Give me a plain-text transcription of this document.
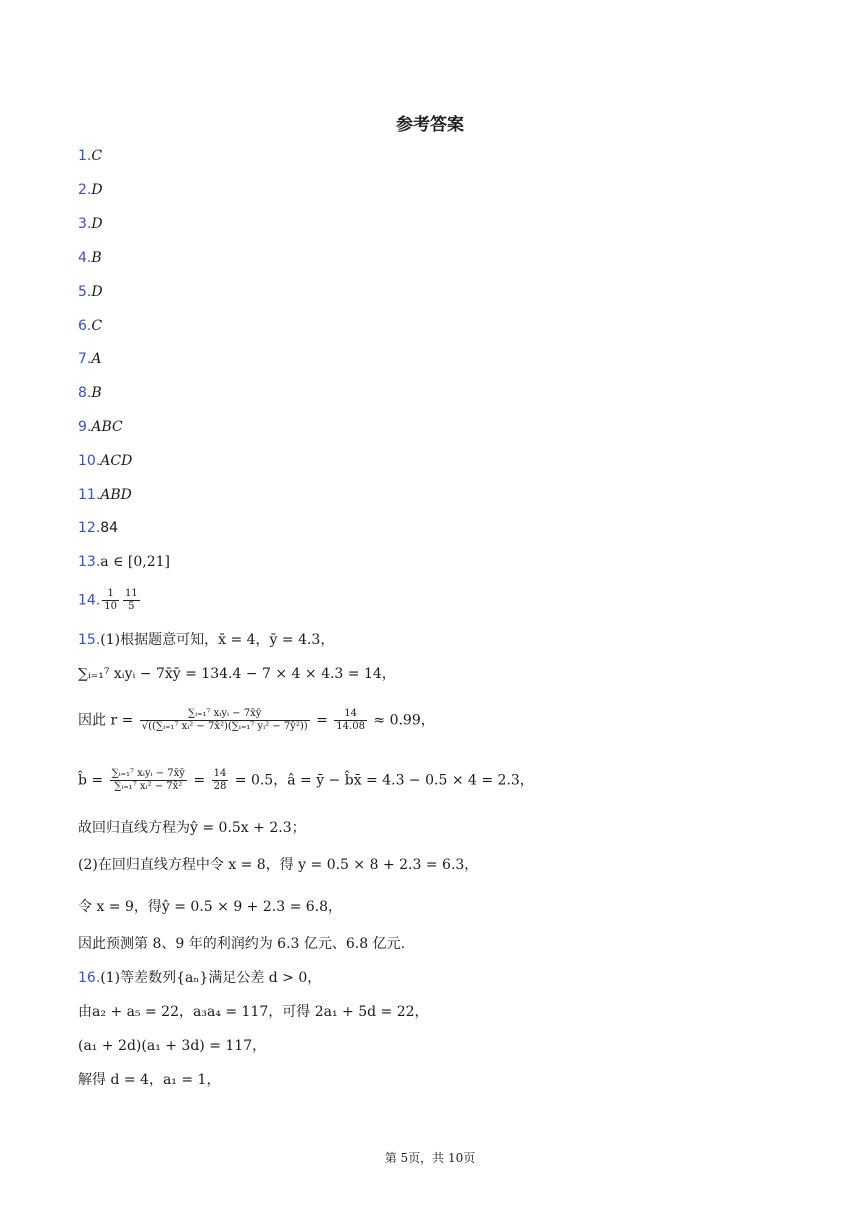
参考答案
1.C
2.D
3.D
4.B
5.D
6.C
7.A
8.B
9.ABC
10.ACD
11.ABD
12.84
13.a ∈ [0,21]
14. $\frac{1}{10} \frac{11}{5}$
15.(1)根据题意可知，x̄ = 4，ȳ = 4.3，
∑ᵢ₌₁⁷ xᵢyᵢ − 7x̄ȳ = 134.4 − 7 × 4 × 4.3 = 14，
因此 $r = \frac{\text{∑ᵢ₌₁⁷ xᵢyᵢ − 7x̄ȳ}}{\text{√((∑ᵢ₌₁⁷ xᵢ² − 7x̄²)(∑ᵢ₌₁⁷ yᵢ² − 7ȳ²))}} = \frac{14}{14.08} \approx 0.99$，
b̂ = $\frac{\text{∑ᵢ₌₁⁷ xᵢyᵢ − 7x̄ȳ}}{\text{∑ᵢ₌₁⁷ xᵢ² − 7x̄²}} = \frac{14}{28} = 0.5$，â = ȳ − b̂x̄ = 4.3 − 0.5 × 4 = 2.3，
故回归直线方程为ŷ = 0.5x + 2.3；
(2)在回归直线方程中令 x = 8，得 y = 0.5 × 8 + 2.3 = 6.3，
令 x = 9，得ŷ = 0.5 × 9 + 2.3 = 6.8，
因此预测第 8、9 年的利润约为 6.3 亿元、6.8 亿元.
16.(1)等差数列{aₙ}满足公差 d > 0，
由a₂ + a₅ = 22，a₃a₄ = 117，可得 2a₁ + 5d = 22，
(a₁ + 2d)(a₁ + 3d) = 117，
解得 d = 4，a₁ = 1，
第 5页，共 10页
